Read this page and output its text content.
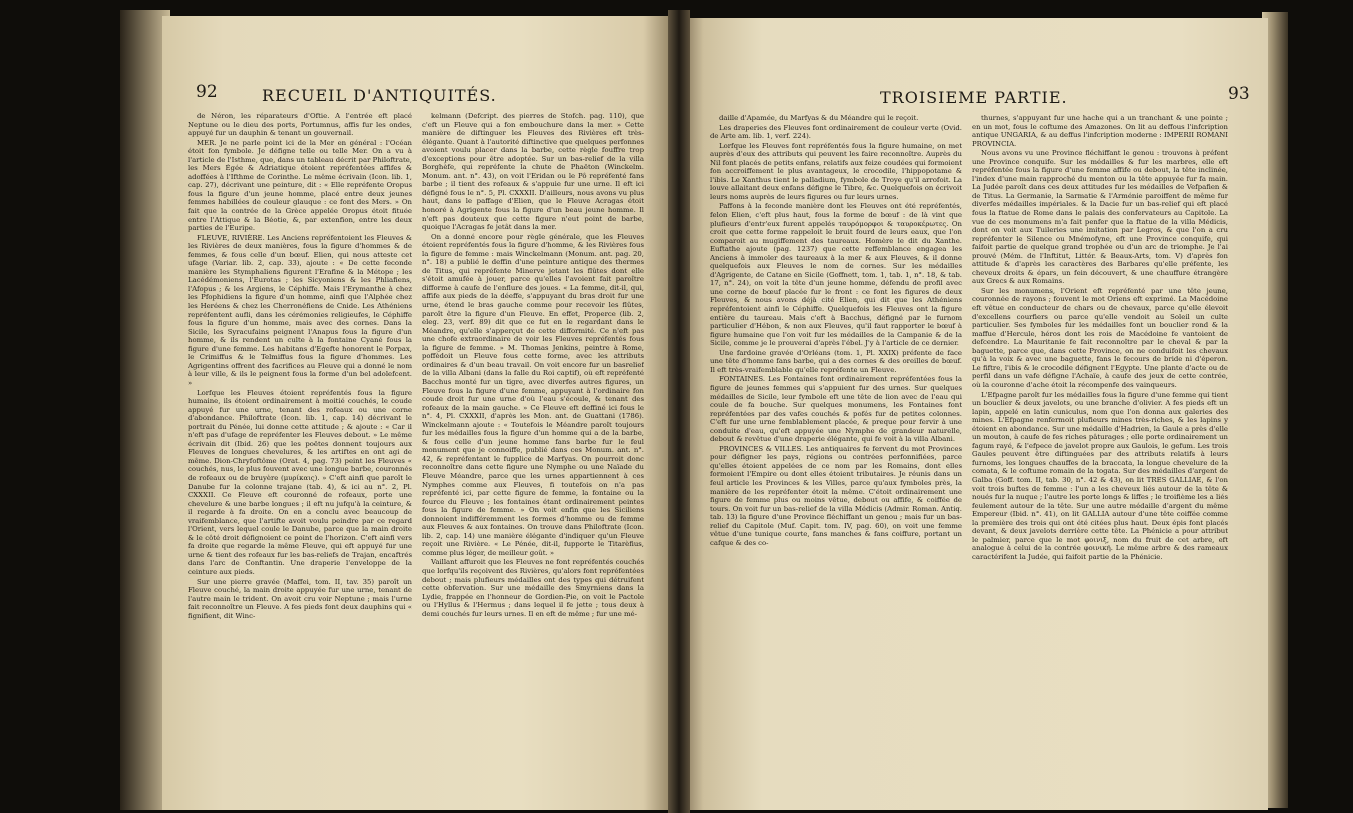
92	RECUEIL D'ANTIQUITÉS.

de Néron, les réparateurs d'Oftie. A l'entrée eft placé Neptune ou le dieu des ports, Portumnus, affis fur les ondes, appuyé fur un dauphin & tenant un gouvernail.

MER. Je ne parle point ici de la Mer en général : l'Océan étoit fon fymbole. Je défigne telle ou telle Mer. On a vu à l'article de l'Isthme, que, dans un tableau décrit par Philoftrate, les Mers Égée & Adriatique étoient repréfentées affifes & adoffées à l'Ifthme de Corinthe. Le même écrivain (Icon. lib. 1, cap. 27), décrivant une peinture, dit : « Elle repréfente Oropus fous la figure d'un jeune homme, placé entre deux jeunes femmes habillées de couleur glauque : ce font des Mers. » On fait que la contrée de la Grèce appelée Oropus étoit fituée entre l'Attique & la Béotie, &, par extenfion, entre les deux parties de l'Euripe.

FLEUVE, RIVIÈRE. Les Anciens repréfentoient les Fleuves & les Rivières de deux manières, fous la figure d'hommes & de femmes, & fous celle d'un bœuf. Elien, qui nous atteste cet ufage (Variar. lib. 2, cap. 33), ajoute : « De cette feconde manière les Stymphaliens figurent l'Erafine & la Métope ; les Lacédémoniens, l'Eurotas ; les Sicyoniens & les Phliafiens, l'Afopus ; & les Argiens, le Céphiffe. Mais l'Erymanthe à chez les Pfophidiens la figure d'un homme, ainfi que l'Alphée chez les Heréens & chez les Cherronéfiens de Cnide. Les Athéniens repréfentent aufli, dans les cérémonies religieufes, le Céphiffe fous la figure d'un homme, mais avec des cornes. Dans la Sicile, les Syracufains peignent l'Anapus fous la figure d'un homme, & ils rendent un culte à la fontaine Cyané fous la figure d'une femme. Les habitans d'Egefte honorent le Porpax, le Crimiffus & le Telmiffus fous la figure d'hommes. Les Agrigentins offrent des facrifices au Fleuve qui a donné le nom à leur ville, & ils le peignent fous la forme d'un bel adolefcent. »

Lorfque les Fleuves étoient repréfentés fous la figure humaine, ils étoient ordinairement à moitié couchés, le coude appuyé fur une urne, tenant des rofeaux ou une corne d'abondance. Philoftrate (Icon. lib. 1, cap. 14) décrivant le portrait du Pénée, lui donne cette attitude ; & ajoute : « Car il n'eft pas d'ufage de repréfenter les Fleuves debout. » Le même écrivain dit (Ibid. 26) que les poëtes donnent toujours aux Fleuves de longues chevelures, & les artiftes en ont agi de même. Dion-Chryfoftôme (Orat. 4, pag. 73) peint les Fleuves « couchés, nus, le plus fouvent avec une longue barbe, couronnés de rofeaux ou de bruyère (μυρίκαις). » C'eft ainfi que paroît le Danube fur la colonne trajane (tab. 4), & ici au n°. 2, Pl. CXXXII. Ce Fleuve eft couronné de rofeaux, porte une chevelure & une barbe longues ; il eft nu jufqu'à la ceinture, & il regarde à fa droite. On en a conclu avec beaucoup de vraifemblance, que l'artifte avoit voulu peindre par ce regard l'Orient, vers lequel coule le Danube, parce que la main droite & le côté droit défignoient ce point de l'horizon. C'eft ainfi vers fa droite que regarde la même Fleuve, qui eft appuyé fur une urne & tient des rofeaux fur les bas-reliefs de Trajan, encaftrés dans l'arc de Conftantin. Une draperie l'enveloppe de la ceinture aux pieds.

Sur une pierre gravée (Maffei, tom. II, tav. 35) paroît un Fleuve couché, la main droite appuyée fur une urne, tenant de l'autre main le trident. On avoit cru voir Neptune ; mais l'urne fait reconnoître un Fleuve. A fes pieds font deux dauphins qui « fignifient, dit Winc-

kelmann (Defcript. des pierres de Stofch. pag. 110), que c'eft un Fleuve qui a fon embouchure dans la mer. » Cette manière de diftinguer les Fleuves des Rivières eft très-élégante. Quant à l'autorité diftinctive que quelques perfonnes avoient voulu placer dans la barbe, cette règle fouffre trop d'exceptions pour être adoptée. Sur un bas-relief de la villa Borghèfe, qui repréfente la chute de Phaëton (Winckelm. Monum. ant. n°. 43), on voit l'Eridan ou le Pô repréfenté fans barbe ; il tient des rofeaux & s'appuie fur une urne. Il eft ici défigné fous le n°. 5, Pl. CXXXII. D'ailleurs, nous avons vu plus haut, dans le paffage d'Elien, que le Fleuve Acragas étoit honoré à Agrigente fous la figure d'un beau jeune homme. Il n'eft pas douteux que cette figure n'eut point de barbe, quoique l'Acragas fe jetât dans la mer.

On a donné encore pour règle générale, que les Fleuves étoient repréfentés fous la figure d'homme, & les Rivières fous la figure de femme : mais Winckelmann (Monum. ant. pag. 20, n°. 18) a publié le deffin d'une peinture antique des thermes de Titus, qui repréfente Minerve jetant les flûtes dont elle s'étoit amufée à jouer, parce qu'elles l'avoient fait paroître difforme à caufe de l'enflure des joues. « La femme, dit-il, qui, affife aux pieds de la déeffe, s'appuyant du bras droit fur une urne, étend le bras gauche comme pour recevoir les flûtes, paroît être la figure d'un Fleuve. En effet, Properce (lib. 2, eleg. 23, verf. 89) dit que ce fut en le regardant dans le Méandre, qu'elle s'apperçut de cette difformité. Ce n'eft pas une chofe extraordinaire de voir les Fleuves repréfentés fous la figure de femme. » M. Thomas Jenkins, peintre à Rome, poffèdoit un Fleuve fous cette forme, avec les attributs ordinaires & d'un beau travail. On voit encore fur un basrelief de la villa Albani (dans la falle du Roi captif), où eft repréfenté Bacchus monté fur un tigre, avec diverfes autres figures, un Fleuve fous la figure d'une femme, appuyant à l'ordinaire fon coude droit fur une urne d'où l'eau s'écoule, & tenant des rofeaux de la main gauche. » Ce Fleuve eft deffiné ici fous le n°. 4, Pl. CXXXII, d'après les Mon. ant. de Guattani (1786). Winckelmann ajoute : « Toutefois le Méandre paroît toujours fur les médailles fous la figure d'un homme qui a de la barbe, & fous celle d'un jeune homme fans barbe fur le feul monument que je connoiffe, publié dans ces Monum. ant. n°. 42, & repréfentant le fupplice de Marfyas. On pourroit donc reconnoître dans cette figure une Nymphe ou une Naïade du Fleuve Méandre, parce que les urnes appartiennent à ces Nymphes comme aux Fleuves, fi toutefois on n'a pas repréfenté ici, par cette figure de femme, la fontaine ou la fource du Fleuve ; les fontaines étant ordinairement peintes fous la figure de femme. » On voit enfin que les Siciliens donnoient indifféremment les formes d'homme ou de femme aux Fleuves & aux fontaines. On trouve dans Philoftrate (Icon. lib. 2, cap. 14) une manière élégante d'indiquer qu'un Fleuve reçoit une Rivière. « Le Pénée, dit-il, fupporte le Titarèfius, comme plus léger, de meilleur goût. »

Vaillant affuroit que les Fleuves ne font repréfentés couchés que lorfqu'ils reçoivent des Rivières, qu'alors font repréfentées debout ; mais plufieurs médailles ont des types qui détruifent cette obfervation. Sur une médaille des Smyrniens dans la Lydie, frappée en l'honneur de Gordien-Pie, on voit le Pactole ou l'Hyllus & l'Hermus ; dans lequel il fe jette ; tous deux à demi couchés fur leurs urnes. Il en eft de même ; fur une mé-

TROISIEME PARTIE.	93

daille d'Apamée, du Marfyas & du Méandre qui le reçoit.

Les draperies des Fleuves font ordinairement de couleur verte (Ovid. de Arte am. lib. 1, verf. 224).

Lorfque les Fleuves font repréfentés fous la figure humaine, on met auprès d'eux des attributs qui peuvent les faire reconnoître. Auprès du Nil font placés de petits enfans, relatifs aux feize coudées qui formoient fon accroiffement le plus avantageux, le crocodile, l'hippopotame & l'ibis. Le Xanthus tient le palladium, fymbole de Troye qu'il arrofoit. La louve allaitant deux enfans défigne le Tibre, &c. Quelquefois on écrivoit leurs noms auprès de leurs figures ou fur leurs urnes.

Paffons à la feconde manière dont les Fleuves ont été repréfentés, felon Elien, c'eft plus haut, fous la forme de bœuf : de là vint que plufieurs d'entr'eux furent appelés ταυρόμορφοι & ταυροκέρωτες. On croit que cette forme rappeloit le bruit fourd de leurs eaux, que l'on comparoit au mugiffement des taureaux. Homère le dit du Xanthe. Euftathe ajoute (pag. 1237) que cette reffemblance engagea les Anciens à immoler des taureaux à la mer & aux Fleuves, & il donne quelquefois aux Fleuves le nom de cornes. Sur les médailles d'Agrigente, de Catane en Sicile (Goffnett, tom. 1, tab. 1, n°. 18, & tab. 17, n°. 24), on voit la tête d'un jeune homme, défendu de profil avec une corne de bœuf placée fur le front : ce font les figures de deux Fleuves, & nous avons déjà cité Elien, qui dit que les Athéniens repréfentoient ainfi le Céphiffe. Quelquefois les Fleuves ont la figure entière du taureau. Mais c'eft à Bacchus, défigné par le furnom particulier d'Hébon, & non aux Fleuves, qu'il faut rapporter le bœuf à figure humaine que l'on voit fur les médailles de la Campanie & de la Sicile, comme je le prouverai d'après l'ébel. J'y à l'article de ce dernier.

Une fardoine gravée d'Orléans (tom. 1, Pl. XXIX) préfente de face une tête d'homme fans barbe, qui a des cornes & des oreilles de bœuf. Il eft très-vraifemblable qu'elle repréfente un Fleuve.

FONTAINES. Les Fontaines font ordinairement repréfentées fous la figure de jeunes femmes qui s'appuient fur des urnes. Sur quelques médailles de Sicile, leur fymbole eft une tête de lion avec de l'eau qui coule de fa bouche. Sur quelques monumens, les Fontaines font repréfentées par des vafes couchés & pofés fur de petites colonnes. C'eft fur une urne femblablement placée, & preque pour fervir à une conduite d'eau, qu'eft appuyée une Nymphe de grandeur naturelle, debout & revêtue d'une draperie élégante, qui fe voit à la villa Albani.

PROVINCES & VILLES. Les antiquaires fe fervent du mot Provinces pour défigner les pays, régions ou contrées perfonnifiées, parce qu'elles étoient appelées de ce nom par les Romains, dont elles formoient l'Empire ou dont elles étoient tributaires. Je réunis dans un feul article les Provinces & les Villes, parce qu'aux fymboles près, la manière de les repréfenter étoit la même. C'étoit ordinairement une figure de femme plus ou moins vêtue, debout ou affife, & coiffée de tours. On voit fur un bas-relief de la villa Médicis (Admir. Roman. Antiq. tab. 13) la figure d'une Province fléchiffant un genou ; mais fur un bas-relief du Capitole (Muf. Capit. tom. IV, pag. 60), on voit une femme vêtue d'une tunique courte, fans manches & fans coiffure, portant un cafque & des co-

thurnes, s'appuyant fur une hache qui a un tranchant & une pointe ; en un mot, fous le coftume des Amazones. On lit au deffous l'infcription antique UNGARIA, & au deffus l'infcription moderne : IMPERII ROMANI PROVINCIA.

Nous avons vu une Province fléchiffant le genou : trouvons à préfent une Province conquife. Sur les médailles & fur les marbres, elle eft repréfentée fous la figure d'une femme affife ou debout, la tête inclinée, l'index d'une main rapproché du menton ou la tête appuyée fur fa main. La Judée paroît dans ces deux attitudes fur les médailles de Vefpafien & de Titus. La Germanie, la Sarmatie & l'Arménie paroiffent de même fur diverfes médailles impériales. & la Dacie fur un bas-relief qui eft placé fous la ftatue de Rome dans le palais des confervateurs au Capitole. La vue de ces monumens m'a fait penfer que la ftatue de la villa Médicis, dont on voit aux Tuileries une imitation par Legros, & que l'on a cru repréfenter le Silence ou Mnémofyne, eft une Province conquife, qui faifoit partie de quelque grand trophée ou d'un arc de triomphe. Je l'ai prouvé (Mém. de l'Inftitut, Littér. & Beaux-Arts, tom. V) d'après fon attitude & d'après les caractères des Barbares qu'elle préfente, les cheveux droits & épars, un fein découvert, & une chauffure étrangère aux Grecs & aux Romains.

Sur les monumens, l'Orient eft repréfenté par une tête jeune, couronnée de rayons ; fouvent le mot Oriens eft exprimé. La Macédoine eft vêtue en conducteur de chars ou de chevaux, parce qu'elle élevoit d'excellens courfiers ou parce qu'elle vendoit au Soleil un culte particulier. Ses fymboles fur les médailles font un bouclier rond & la maffue d'Hercule, héros dont les rois de Macédoine fe vantoient de defcendre. La Mauritanie fe fait reconnoître par le cheval & par la baguette, parce que, dans cette Province, on ne conduifoit les chevaux qu'à la voix & avec une baguette, fans le fecours de bride ni d'éperon. Le fiftre, l'ibis & le crocodile défignent l'Egypte. Une plante d'acte ou de perfil dans un vafe défigne l'Achaïe, à caufe des jeux de cette contrée, où la couronne d'ache étoit la récompenfe des vainqueurs.

L'Efpagne paroît fur les médailles fous la figure d'une femme qui tient un bouclier & deux javelots, ou une branche d'olivier. A fes pieds eft un lapin, appelé en latin cuniculus, nom que l'on donna aux galeries des mines. L'Efpagne renfermoit plufieurs mines très-riches, & les lapins y étoient en abondance. Sur une médaille d'Hadrien, la Gaule a près d'elle un mouton, à caufe de fes riches pâturages ; elle porte ordinairement un fagum rayé, & l'efpece de javelot propre aux Gaulois, le gefum. Les trois Gaules peuvent être diftinguées par des attributs relatifs à leurs furnoms, les longues chauffes de la braccata, la longue chevelure de la comata, & le coftume romain de la togata. Sur des médailles d'argent de Galba (Goff. tom. II, tab. 30, n°. 42 & 43), on lit TRES GALLIAE, & l'on voit trois buftes de femme : l'un a les cheveux liés autour de la tête & noués fur la nuque ; l'autre les porte longs & liffes ; le troifième les a liés feulement autour de la tête. Sur une autre médaille d'argent du même Empereur (Ibid. n°. 41), on lit GALLIA autour d'une tête coiffée comme la première des trois qui ont été citées plus haut. Deux épis font placés devant, & deux javelots derrière cette tête. La Phénicie a pour attribut le palmier, parce que le mot φοινιξ, nom du fruit de cet arbre, eft analogue à celui de la contrée φοινική. Le même arbre & des rameaux caractérifent la Judée, qui faifoit partie de la Phénicie.
